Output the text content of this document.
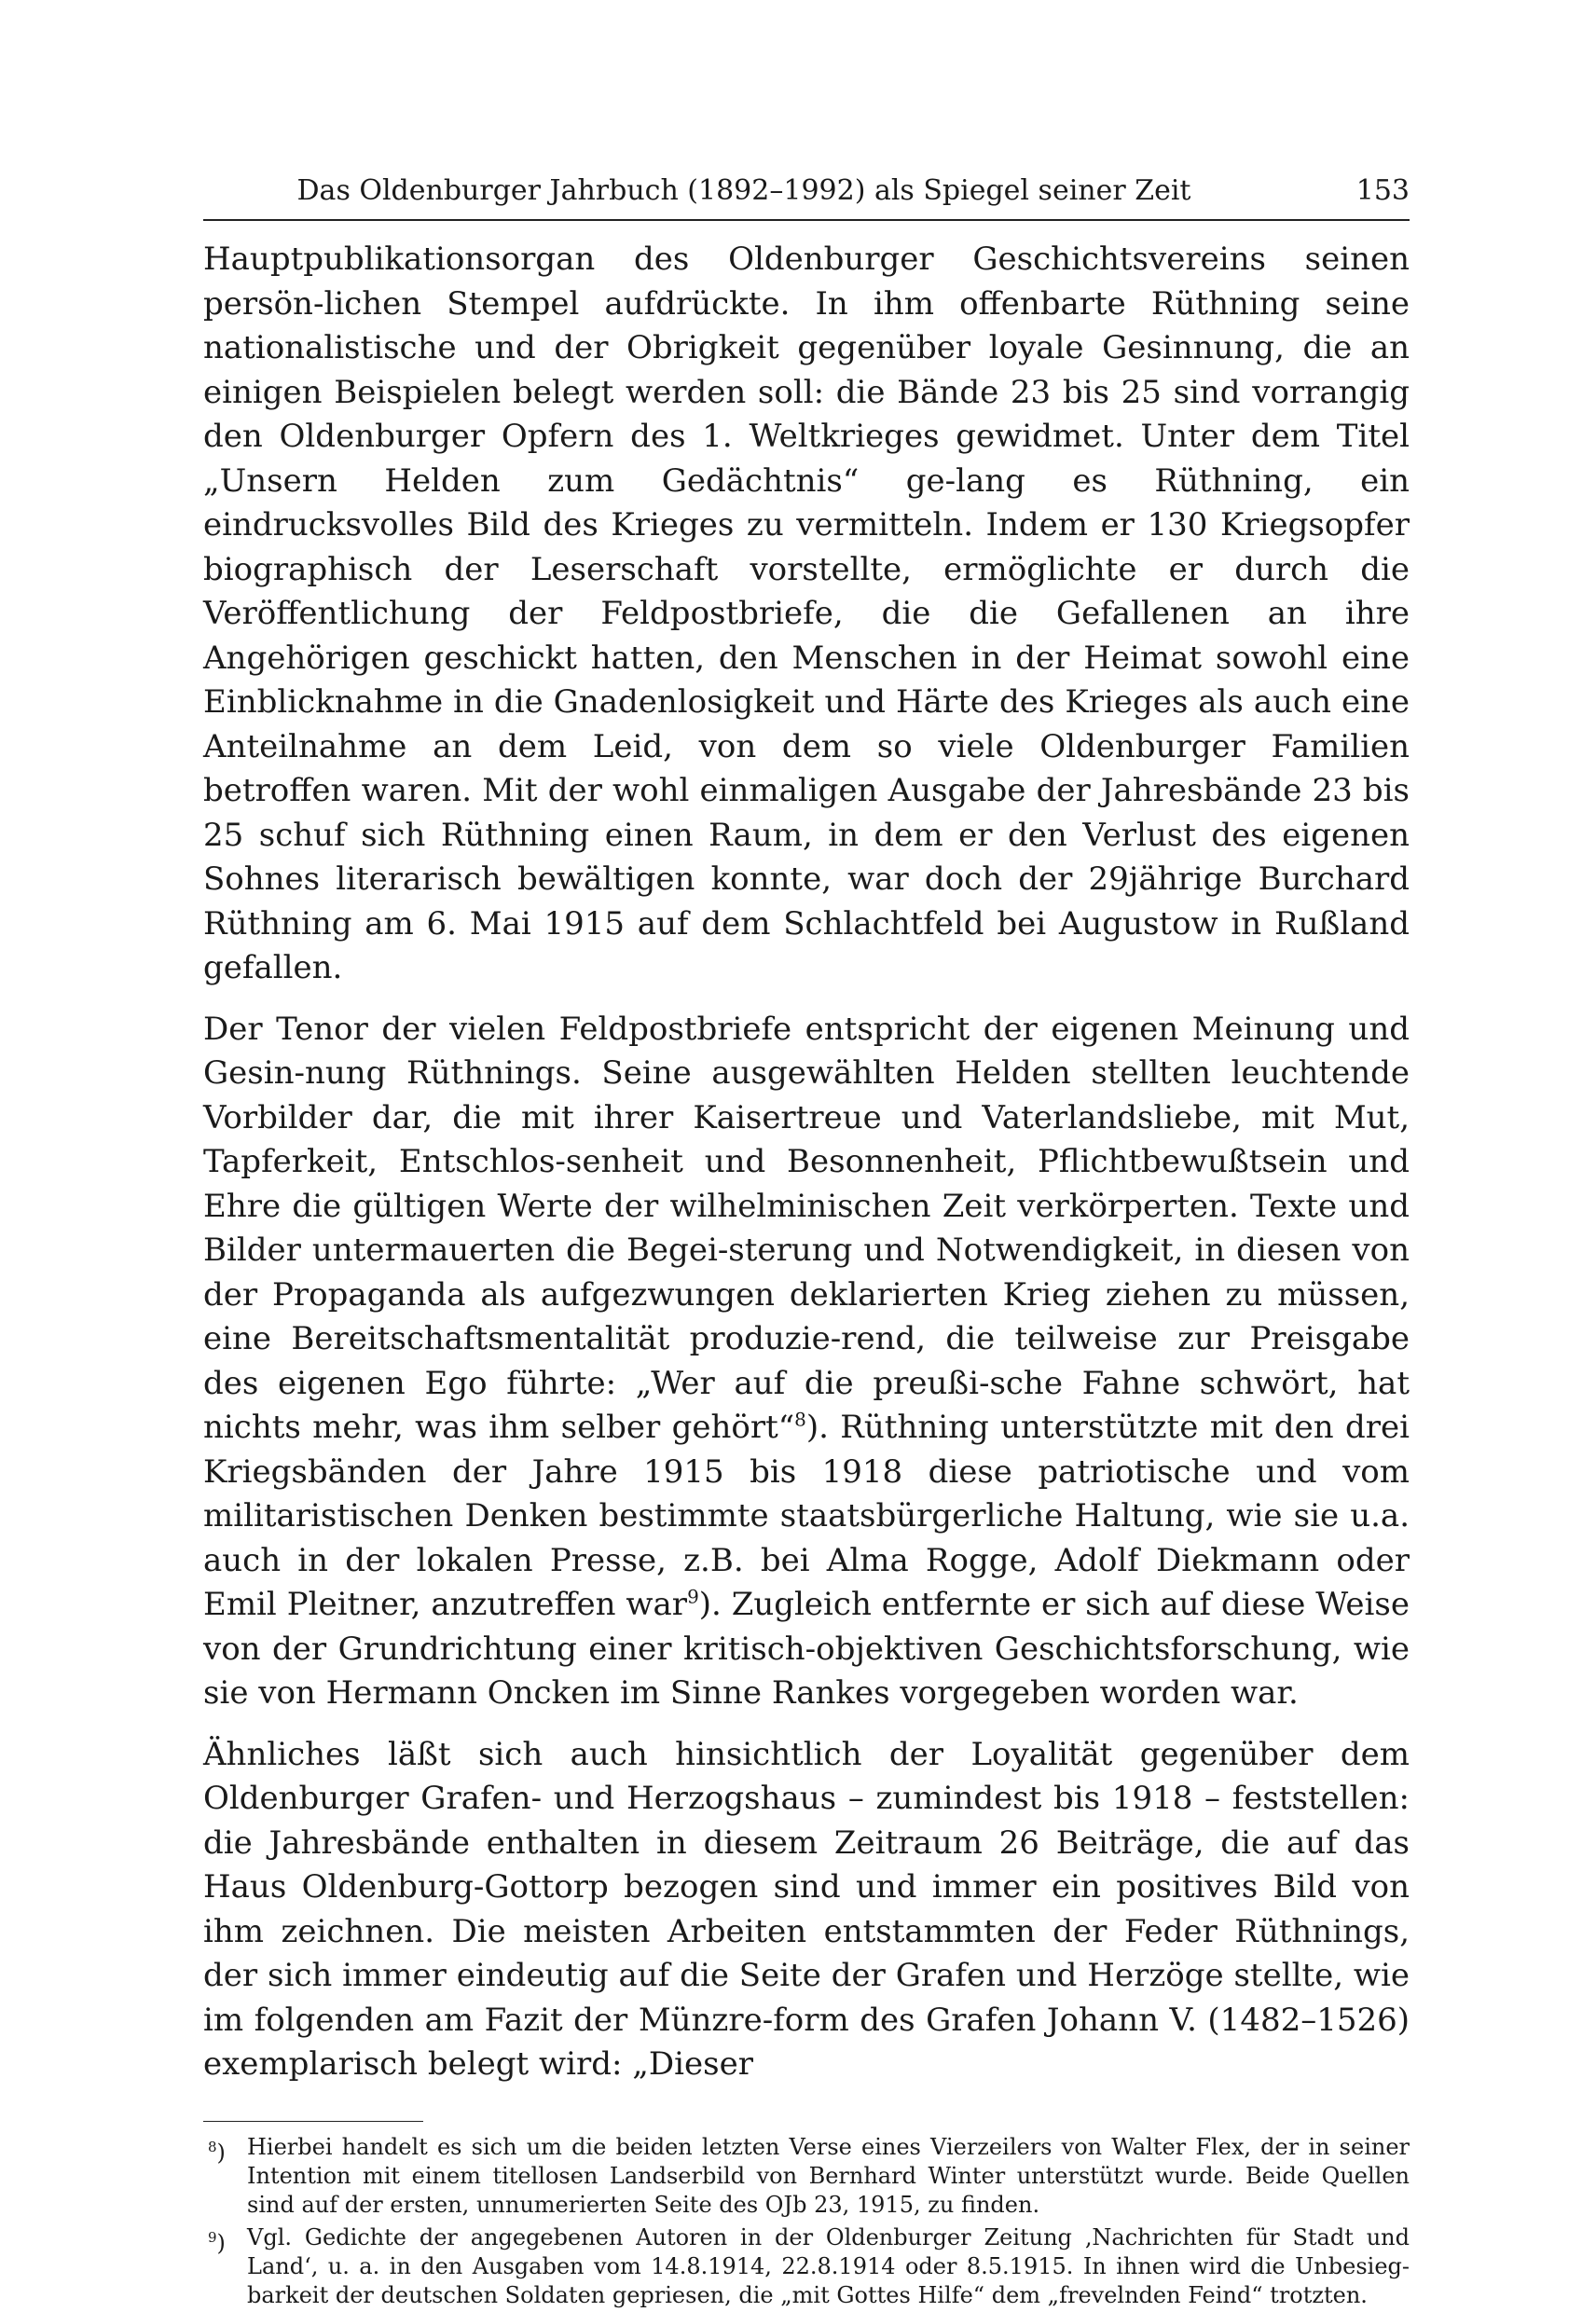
Das Oldenburger Jahrbuch (1892–1992) als Spiegel seiner Zeit	153

Hauptpublikationsorgan des Oldenburger Geschichtsvereins seinen persön-lichen Stempel aufdrückte. In ihm offenbarte Rüthning seine nationalistische und der Obrigkeit gegenüber loyale Gesinnung, die an einigen Beispielen belegt werden soll: die Bände 23 bis 25 sind vorrangig den Oldenburger Opfern des 1. Weltkrieges gewidmet. Unter dem Titel „Unsern Helden zum Gedächtnis“ ge-lang es Rüthning, ein eindrucksvolles Bild des Krieges zu vermitteln. Indem er 130 Kriegsopfer biographisch der Leserschaft vorstellte, ermöglichte er durch die Veröffentlichung der Feldpostbriefe, die die Gefallenen an ihre Angehörigen geschickt hatten, den Menschen in der Heimat sowohl eine Einblicknahme in die Gnadenlosigkeit und Härte des Krieges als auch eine Anteilnahme an dem Leid, von dem so viele Oldenburger Familien betroffen waren. Mit der wohl einmaligen Ausgabe der Jahresbände 23 bis 25 schuf sich Rüthning einen Raum, in dem er den Verlust des eigenen Sohnes literarisch bewältigen konnte, war doch der 29jährige Burchard Rüthning am 6. Mai 1915 auf dem Schlachtfeld bei Augustow in Rußland gefallen.

Der Tenor der vielen Feldpostbriefe entspricht der eigenen Meinung und Gesin-nung Rüthnings. Seine ausgewählten Helden stellten leuchtende Vorbilder dar, die mit ihrer Kaisertreue und Vaterlandsliebe, mit Mut, Tapferkeit, Entschlos-senheit und Besonnenheit, Pflichtbewußtsein und Ehre die gültigen Werte der wilhelminischen Zeit verkörperten. Texte und Bilder untermauerten die Begei-sterung und Notwendigkeit, in diesen von der Propaganda als aufgezwungen deklarierten Krieg ziehen zu müssen, eine Bereitschaftsmentalität produzie-rend, die teilweise zur Preisgabe des eigenen Ego führte: „Wer auf die preußi-sche Fahne schwört, hat nichts mehr, was ihm selber gehört“$^8$). Rüthning unterstützte mit den drei Kriegsbänden der Jahre 1915 bis 1918 diese patriotische und vom militaristischen Denken bestimmte staatsbürgerliche Haltung, wie sie u.a. auch in der lokalen Presse, z.B. bei Alma Rogge, Adolf Diekmann oder Emil Pleitner, anzutreffen war$^9$). Zugleich entfernte er sich auf diese Weise von der Grundrichtung einer kritisch-objektiven Geschichtsforschung, wie sie von Hermann Oncken im Sinne Rankes vorgegeben worden war.

Ähnliches läßt sich auch hinsichtlich der Loyalität gegenüber dem Oldenburger Grafen- und Herzogshaus – zumindest bis 1918 – feststellen: die Jahresbände enthalten in diesem Zeitraum 26 Beiträge, die auf das Haus Oldenburg-Gottorp bezogen sind und immer ein positives Bild von ihm zeichnen. Die meisten Arbeiten entstammten der Feder Rüthnings, der sich immer eindeutig auf die Seite der Grafen und Herzöge stellte, wie im folgenden am Fazit der Münzre-form des Grafen Johann V. (1482–1526) exemplarisch belegt wird: „Dieser

$^8$) Hierbei handelt es sich um die beiden letzten Verse eines Vierzeilers von Walter Flex, der in seiner Intention mit einem titellosen Landserbild von Bernhard Winter unterstützt wurde. Beide Quellen sind auf der ersten, unnumerierten Seite des OJb 23, 1915, zu finden.

$^9$) Vgl. Gedichte der angegebenen Autoren in der Oldenburger Zeitung ‚Nachrichten für Stadt und Land‘, u. a. in den Ausgaben vom 14.8.1914, 22.8.1914 oder 8.5.1915. In ihnen wird die Unbesieg-barkeit der deutschen Soldaten gepriesen, die „mit Gottes Hilfe“ dem „frevelnden Feind“ trotzten.
